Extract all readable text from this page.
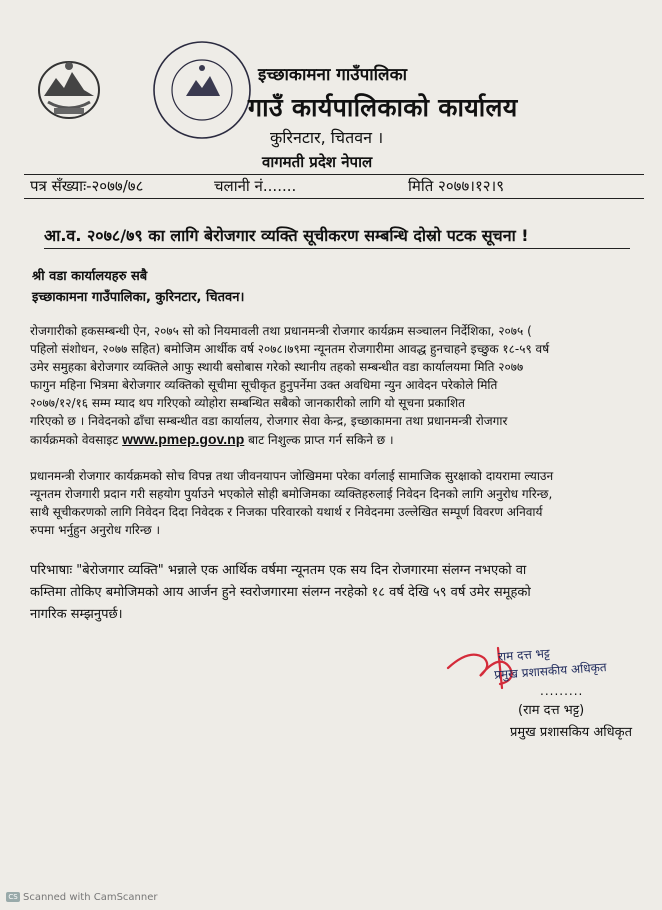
इच्छाकामना गाउँपालिका
गाउँ कार्यपालिकाको कार्यालय
कुरिनटार, चितवन ।
वागमती प्रदेश नेपाल
पत्र सँख्याः-२०७७/७८	चलानी नं.......	मिति २०७७।१२।९
आ.व. २०७८/७९ का लागि बेरोजगार व्यक्ति सूचीकरण सम्बन्धि दोस्रो पटक सूचना !
श्री वडा कार्यालयहरु सबै
इच्छाकामना गाउँपालिका, कुरिनटार, चितवन।
रोजगारीको हकसम्बन्धी ऐन, २०७५ सो को नियमावली तथा प्रधानमन्त्री रोजगार कार्यक्रम सञ्चालन निर्देशिका, २०७५ (
पहिलो संशोधन, २०७७ सहित) बमोजिम आर्थीक वर्ष २०७८।७९मा न्यूनतम रोजगारीमा आवद्ध हुनचाहने इच्छुक १८-५९ वर्ष
उमेर समुहका बेरोजगार व्यक्तिले आफु स्थायी बसोबास गरेको स्थानीय तहको सम्बन्धीत वडा कार्यालयमा मिति २०७७
फागुन महिना भित्रमा बेरोजगार व्यक्तिको सूचीमा सूचीकृत हुनुपर्नेमा उक्त अवधिमा न्युन आवेदन परेकोले मिति
२०७७/१२/१६ सम्म म्याद थप गरिएको व्योहोरा सम्बन्धित सबैको जानकारीको लागि यो सूचना प्रकाशित
गरिएको छ । निवेदनको ढाँचा सम्बन्धीत वडा कार्यालय, रोजगार सेवा केन्द्र, इच्छाकामना तथा प्रधानमन्त्री रोजगार
कार्यक्रमको वेवसाइट www.pmep.gov.np बाट निशुल्क प्राप्त गर्न सकिने छ ।
प्रधानमन्त्री रोजगार कार्यक्रमको सोच विपन्न तथा जीवनयापन जोखिममा परेका वर्गलाई सामाजिक सुरक्षाको दायरामा ल्याउन
न्यूनतम रोजगारी प्रदान गरी सहयोग पुर्याउने भएकोले सोही बमोजिमका व्यक्तिहरुलाई निवेदन दिनको लागि अनुरोध गरिन्छ,
साथै सूचीकरणको लागि निवेदन दिदा निवेदक र निजका परिवारको यथार्थ र निवेदनमा उल्लेखित सम्पूर्ण विवरण अनिवार्य
रुपमा भर्नुहुन अनुरोध गरिन्छ ।
परिभाषाः "बेरोजगार व्यक्ति" भन्नाले एक आर्थिक वर्षमा न्यूनतम एक सय दिन रोजगारमा संलग्न नभएको वा
कम्तिमा तोकिए बमोजिमको आय आर्जन हुने स्वरोजगारमा संलग्न नरहेको १८ वर्ष देखि ५९ वर्ष उमेर समूहको
नागरिक सम्झनुपर्छ।
राम दत्त भट्ट
प्रमुख प्रशासकीय अधिकृत
.........
(राम दत्त भट्ट)
प्रमुख प्रशासकिय अधिकृत
CS Scanned with CamScanner
